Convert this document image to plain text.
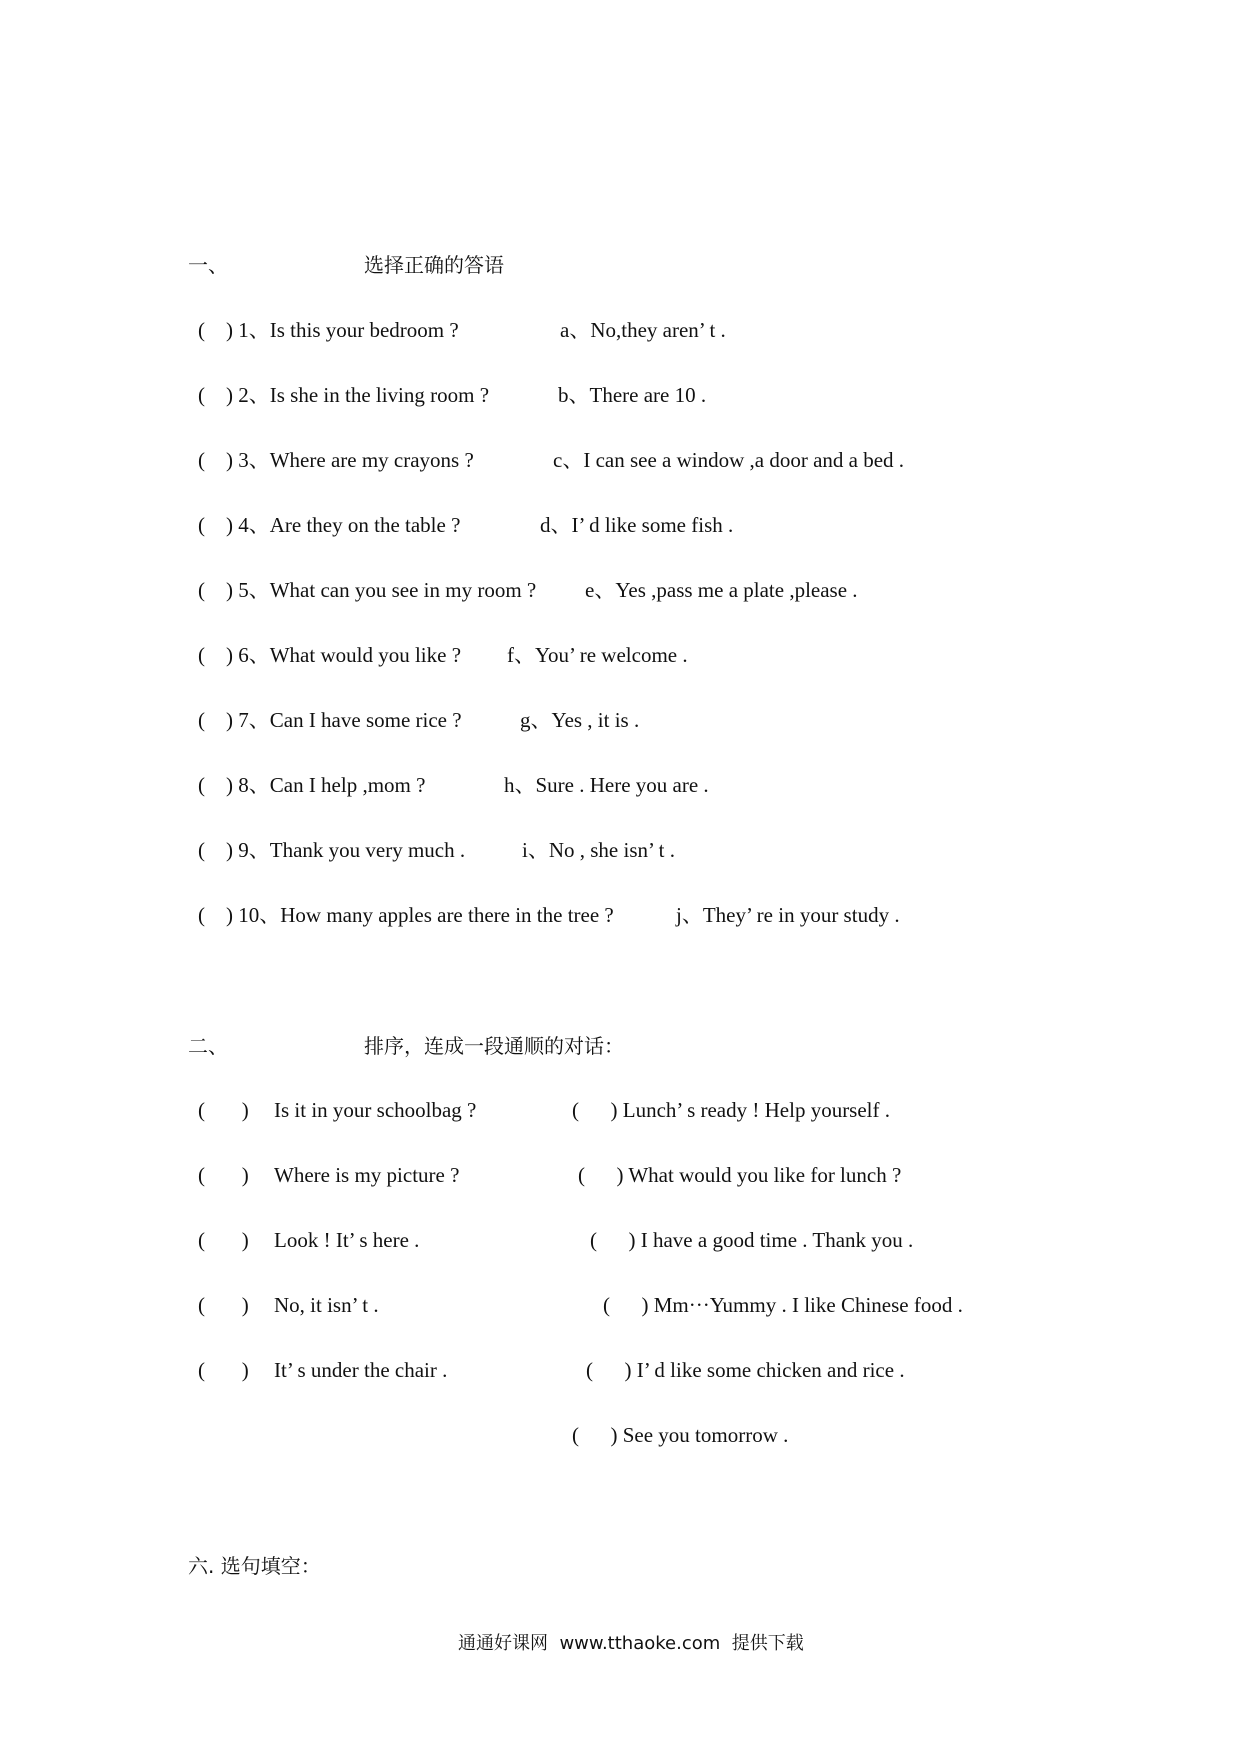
一、	选择正确的答语
(    ) 1、Is this your bedroom ?
(    ) 2、Is she in the living room ?
(    ) 3、Where are my crayons ?
(    ) 4、Are they on the table ?
(    ) 5、What can you see in my room ?
(    ) 6、What would you like ?
(    ) 7、Can I have some rice ?
(    ) 8、Can I help ,mom ?
(    ) 9、Thank you very much .
(    ) 10、How many apples are there in the tree ?
a、No,they aren’ t .
b、There are 10 .
c、I can see a window ,a door and a bed .
d、I’ d like some fish .
e、Yes ,pass me a plate ,please .
f、You’ re welcome .
g、Yes , it is .
h、Sure . Here you are .
i、No , she isn’ t .
j、They’ re in your study .
二、	排序，连成一段通顺的对话：
(       ) Is it in your schoolbag ?
(       ) Where is my picture ?
(       ) Look ! It’ s here .
(       ) No, it isn’ t .
(       ) It’ s under the chair .
(      ) Lunch’ s ready ! Help yourself .
(      ) What would you like for lunch ?
(      ) I have a good time . Thank you .
(      ) Mm···Yummy . I like Chinese food .
(      ) I’ d like some chicken and rice .
(      ) See you tomorrow .
六. 选句填空：
通通好课网  www.tthaoke.com  提供下载
